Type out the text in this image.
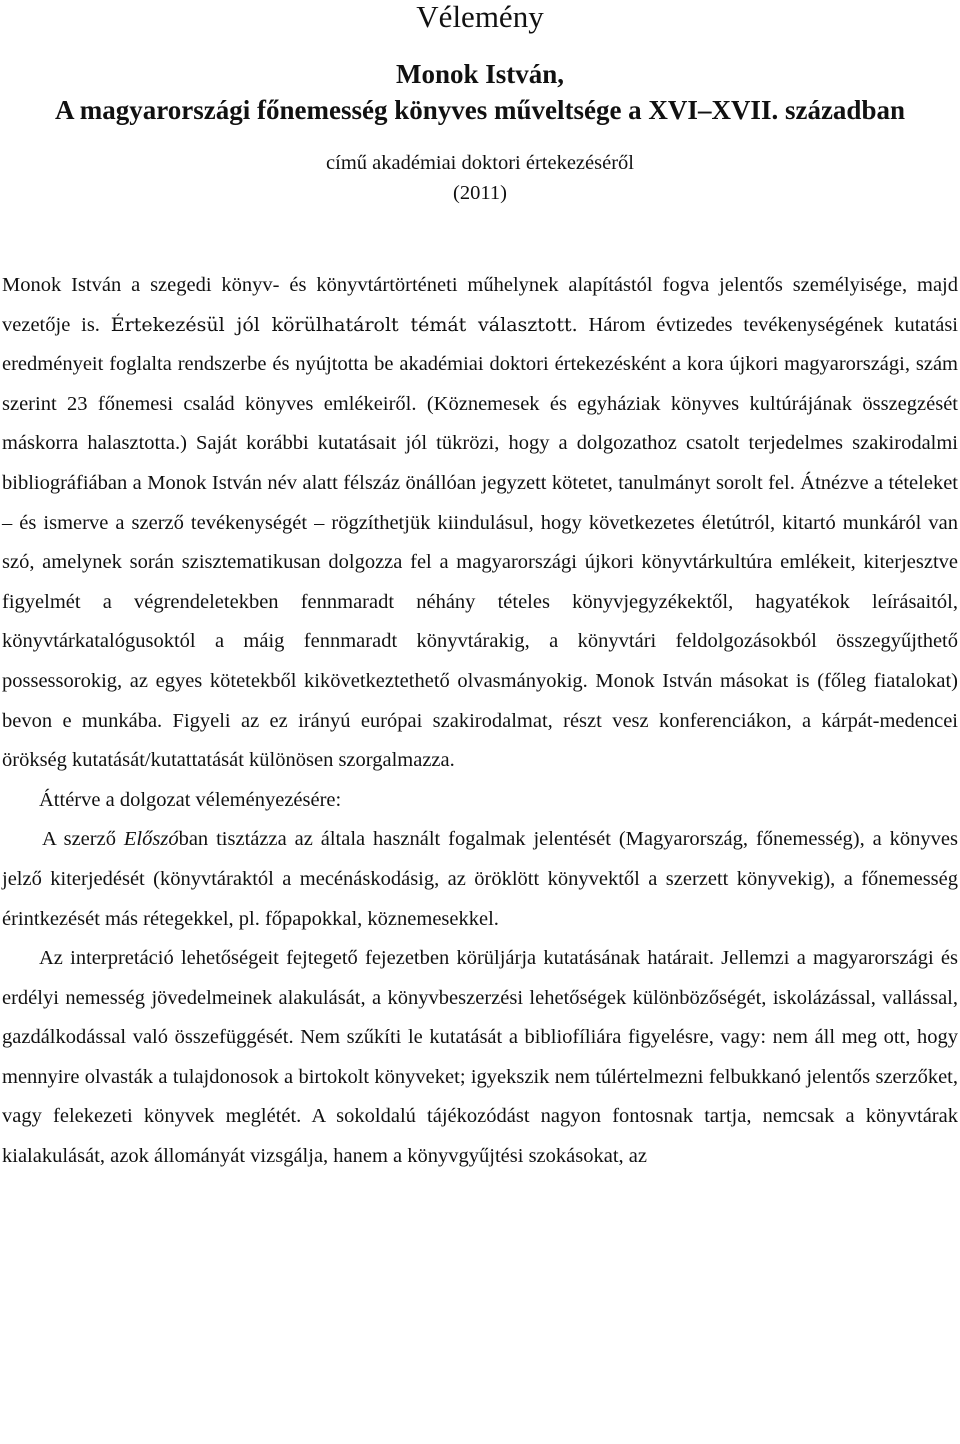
Vélemény
Monok István,
A magyarországi főnemesség könyves műveltsége a XVI–XVII. században
című akadémiai doktori értekezéséről
(2011)

Monok István a szegedi könyv- és könyvtártörténeti műhelynek alapítástól fogva jelentős személyisége, majd vezetője is. Értekezésül jól körülhatárolt témát választott. Három évtizedes tevékenységének kutatási eredményeit foglalta rendszerbe és nyújtotta be akadémiai doktori értekezésként a kora újkori magyarországi, szám szerint 23 főnemesi család könyves emlékeiről. (Köznemesek és egyháziak könyves kultúrájának összegzését máskorra halasztotta.) Saját korábbi kutatásait jól tükrözi, hogy a dolgozathoz csatolt terjedelmes szakirodalmi bibliográfiában a Monok István név alatt félszáz önállóan jegyzett kötetet, tanulmányt sorolt fel. Átnézve a tételeket – és ismerve a szerző tevékenységét – rögzíthetjük kiindulásul, hogy következetes életútról, kitartó munkáról van szó, amelynek során szisztematikusan dolgozza fel a magyarországi újkori könyvtárkultúra emlékeit, kiterjesztve figyelmét a végrendeletekben fennmaradt néhány tételes könyvjegyzékektől, hagyatékok leírásaitól, könyvtárkatalógusoktól a máig fennmaradt könyvtárakig, a könyvtári feldolgozásokból összegyűjthető possessorokig, az egyes kötetekből kikövetkeztethető olvasmányokig. Monok István másokat is (főleg fiatalokat) bevon e munkába. Figyeli az ez irányú európai szakirodalmat, részt vesz konferenciákon, a kárpát-medencei örökség kutatását/kutattatását különösen szorgalmazza.

Áttérve a dolgozat véleményezésére:

A szerző Előszóban tisztázza az általa használt fogalmak jelentését (Magyarország, főnemesség), a könyves jelző kiterjedését (könyvtáraktól a mecénáskodásig, az öröklött könyvektől a szerzett könyvekig), a főnemesség érintkezését más rétegekkel, pl. főpapokkal, köznemesekkel.

Az interpretáció lehetőségeit fejtegető fejezetben körüljárja kutatásának határait. Jellemzi a magyarországi és erdélyi nemesség jövedelmeinek alakulását, a könyvbeszerzési lehetőségek különbözőségét, iskolázással, vallással, gazdálkodással való összefüggését. Nem szűkíti le kutatását a bibliofíliára figyelésre, vagy: nem áll meg ott, hogy mennyire olvasták a tulajdonosok a birtokolt könyveket; igyekszik nem túlértelmezni felbukkanó jelentős szerzőket, vagy felekezeti könyvek meglétét. A sokoldalú tájékozódást nagyon fontosnak tartja, nemcsak a könyvtárak kialakulását, azok állományát vizsgálja, hanem a könyvgyűjtési szokásokat, az
